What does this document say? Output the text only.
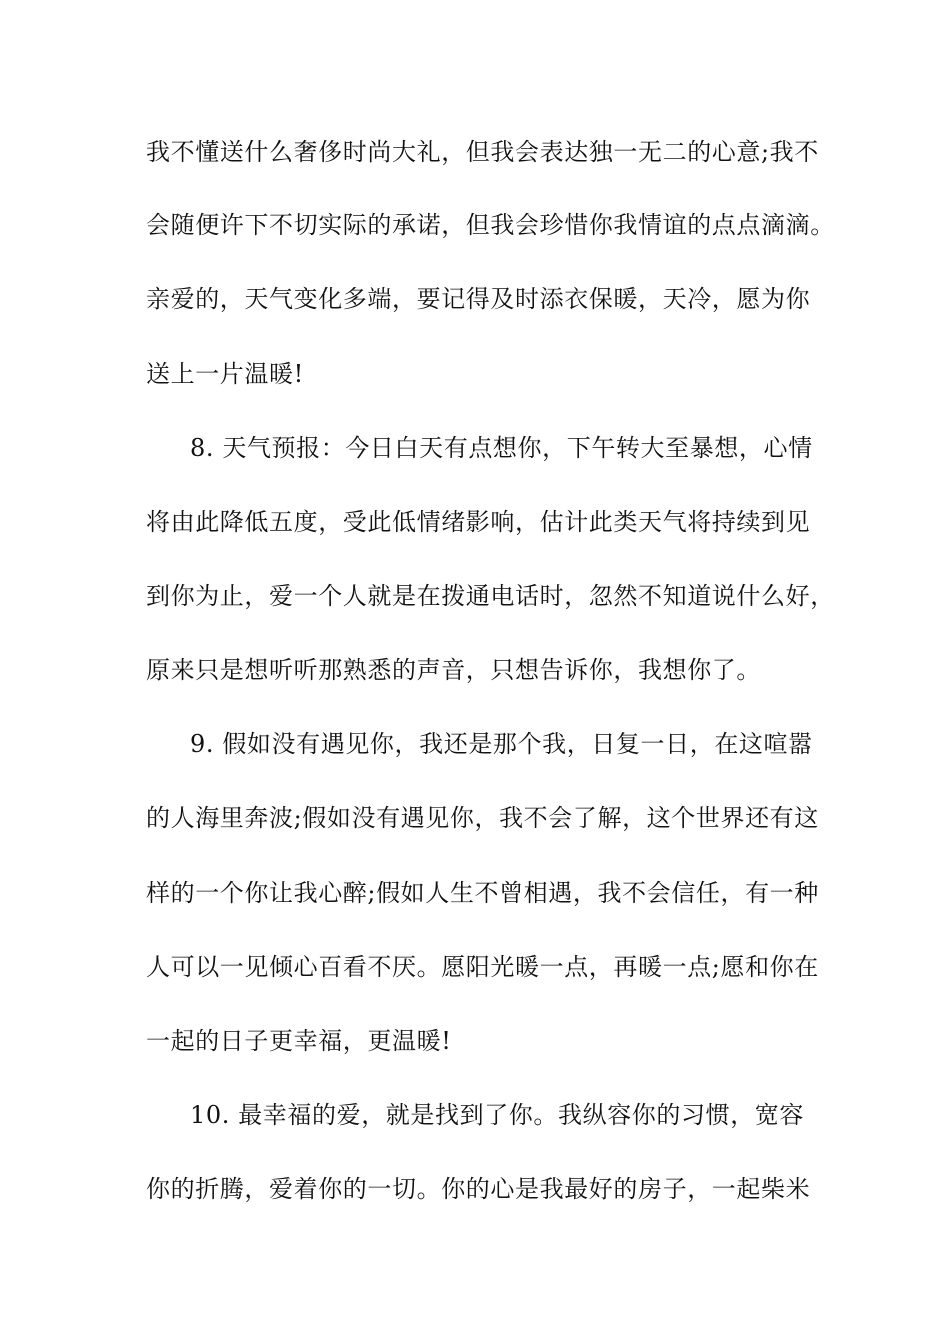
我不懂送什么奢侈时尚大礼，但我会表达独一无二的心意;我不
会随便许下不切实际的承诺，但我会珍惜你我情谊的点点滴滴。
亲爱的，天气变化多端，要记得及时添衣保暖，天冷，愿为你
送上一片温暖!
8. 天气预报：今日白天有点想你，下午转大至暴想，心情
将由此降低五度，受此低情绪影响，估计此类天气将持续到见
到你为止，爱一个人就是在拨通电话时，忽然不知道说什么好，
原来只是想听听那熟悉的声音，只想告诉你，我想你了。
9. 假如没有遇见你，我还是那个我，日复一日，在这喧嚣
的人海里奔波;假如没有遇见你，我不会了解，这个世界还有这
样的一个你让我心醉;假如人生不曾相遇，我不会信任，有一种
人可以一见倾心百看不厌。愿阳光暖一点，再暖一点;愿和你在
一起的日子更幸福，更温暖!
10. 最幸福的爱，就是找到了你。我纵容你的习惯，宽容
你的折腾，爱着你的一切。你的心是我最好的房子，一起柴米
